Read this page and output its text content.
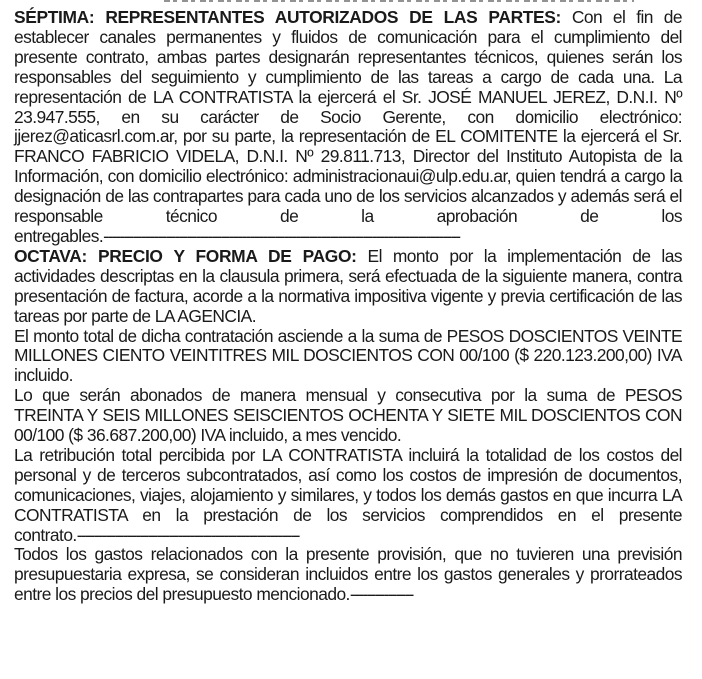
SÉPTIMA: REPRESENTANTES AUTORIZADOS DE LAS PARTES: Con el fin de establecer canales permanentes y fluidos de comunicación para el cumplimiento del presente contrato, ambas partes designarán representantes técnicos, quienes serán los responsables del seguimiento y cumplimiento de las tareas a cargo de cada una. La representación de LA CONTRATISTA la ejercerá el Sr. JOSÉ MANUEL JEREZ, D.N.I. Nº 23.947.555, en su carácter de Socio Gerente, con domicilio electrónico: jjerez@aticasrl.com.ar, por su parte, la representación de EL COMITENTE la ejercerá el Sr. FRANCO FABRICIO VIDELA, D.N.I. Nº 29.811.713, Director del Instituto Autopista de la Información, con domicilio electrónico: administracionaui@ulp.edu.ar, quien tendrá a cargo la designación de las contrapartes para cada uno de los servicios alcanzados y además será el responsable técnico de la aprobación de los entregables.-------------------------------------------------------------------------------------

OCTAVA: PRECIO Y FORMA DE PAGO: El monto por la implementación de las actividades descriptas en la clausula primera, será efectuada de la siguiente manera, contra presentación de factura, acorde a la normativa impositiva vigente y previa certificación de las tareas por parte de LA AGENCIA.

El monto total de dicha contratación asciende a la suma de PESOS DOSCIENTOS VEINTE MILLONES CIENTO VEINTITRES MIL DOSCIENTOS CON 00/100 ($ 220.123.200,00) IVA incluido.

Lo que serán abonados de manera mensual y consecutiva por la suma de PESOS TREINTA Y SEIS MILLONES SEISCIENTOS OCHENTA Y SIETE MIL DOSCIENTOS CON 00/100 ($ 36.687.200,00) IVA incluido, a mes vencido.

La retribución total percibida por LA CONTRATISTA incluirá la totalidad de los costos del personal y de terceros subcontratados, así como los costos de impresión de documentos, comunicaciones, viajes, alojamiento y similares, y todos los demás gastos en que incurra LA CONTRATISTA en la prestación de los servicios comprendidos en el presente contrato.-----------------------------------------------------

Todos los gastos relacionados con la presente provisión, que no tuvieren una previsión presupuestaria expresa, se consideran incluidos entre los gastos generales y prorrateados entre los precios del presupuesto mencionado.---------------
